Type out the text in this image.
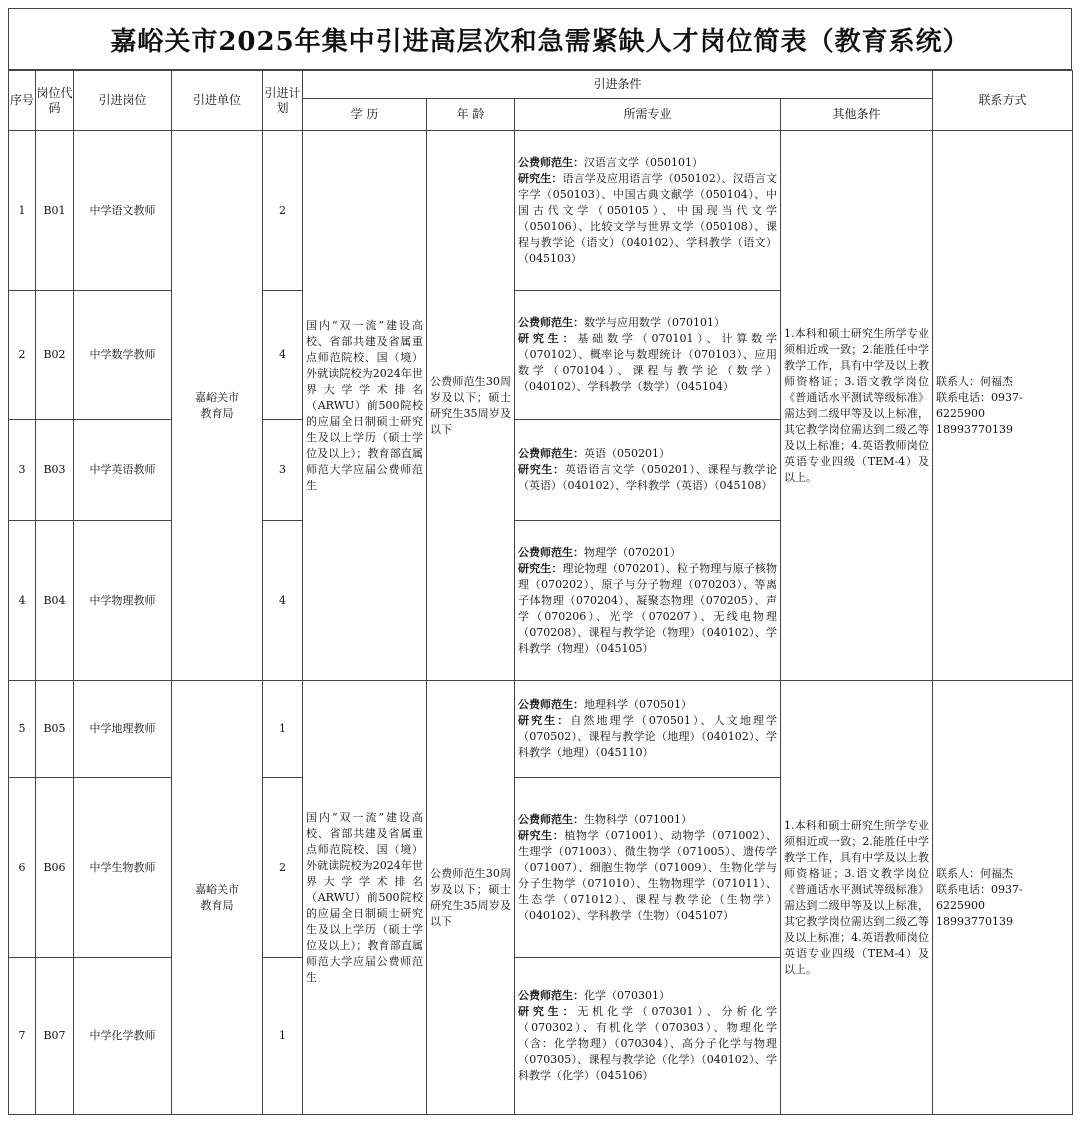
嘉峪关市2025年集中引进高层次和急需紧缺人才岗位简表（教育系统）
序号	岗位代码	引进岗位	引进单位	引进计划	引进条件				联系方式
					学 历	年 龄	所需专业	其他条件	
1	B01	中学语文教师	嘉峪关市
教育局	2	国内“双一流”建设高校、省部共建及省属重点师范院校、国（境）外就读院校为2024年世界大学学术排名（ARWU）前500院校的应届全日制硕士研究生及以上学历（硕士学位及以上）；教育部直属师范大学应届公费师范生	公费师范生30周岁及以下；硕士研究生35周岁及以下	公费师范生：汉语言文学（050101）
研究生：语言学及应用语言学（050102）、汉语言文字学（050103）、中国古典文献学（050104）、中国古代文学（050105）、中国现当代文学（050106）、比较文学与世界文学（050108）、课程与教学论（语文）（040102）、学科教学（语文）（045103）	1.本科和硕士研究生所学专业须相近或一致；2.能胜任中学教学工作，具有中学及以上教师资格证；3.语文教学岗位《普通话水平测试等级标准》需达到二级甲等及以上标准，其它教学岗位需达到二级乙等及以上标准；4.英语教师岗位英语专业四级（TEM-4）及以上。	联系人：何福杰
联系电话：0937-6225900
18993770139
2	B02	中学数学教师		4			公费师范生：数学与应用数学（070101）
研究生：基础数学（070101）、计算数学（070102）、概率论与数理统计（070103）、应用数学（070104）、课程与教学论（数学）（040102）、学科教学（数学）（045104）		
3	B03	中学英语教师		3			公费师范生：英语（050201）
研究生：英语语言文学（050201）、课程与教学论（英语）（040102）、学科教学（英语）（045108）		
4	B04	中学物理教师		4			公费师范生：物理学（070201）
研究生：理论物理（070201）、粒子物理与原子核物理（070202）、原子与分子物理（070203）、等离子体物理（070204）、凝聚态物理（070205）、声学（070206）、光学（070207）、无线电物理（070208）、课程与教学论（物理）（040102）、学科教学（物理）（045105）		
5	B05	中学地理教师	嘉峪关市
教育局	1	国内“双一流”建设高校、省部共建及省属重点师范院校、国（境）外就读院校为2024年世界大学学术排名（ARWU）前500院校的应届全日制硕士研究生及以上学历（硕士学位及以上）；教育部直属师范大学应届公费师范生	公费师范生30周岁及以下；硕士研究生35周岁及以下	公费师范生：地理科学（070501）
研究生：自然地理学（070501）、人文地理学（070502）、课程与教学论（地理）（040102）、学科教学（地理）（045110）	1.本科和硕士研究生所学专业须相近或一致；2.能胜任中学教学工作，具有中学及以上教师资格证；3.语文教学岗位《普通话水平测试等级标准》需达到二级甲等及以上标准，其它教学岗位需达到二级乙等及以上标准；4.英语教师岗位英语专业四级（TEM-4）及以上。	联系人：何福杰
联系电话：0937-6225900
18993770139
6	B06	中学生物教师		2			公费师范生：生物科学（071001）
研究生：植物学（071001）、动物学（071002）、生理学（071003）、微生物学（071005）、遗传学（071007）、细胞生物学（071009）、生物化学与分子生物学（071010）、生物物理学（071011）、生态学（071012）、课程与教学论（生物学）（040102）、学科教学（生物）（045107）		
7	B07	中学化学教师		1			公费师范生：化学（070301）
研究生：无机化学（070301）、分析化学（070302）、有机化学（070303）、物理化学（含：化学物理）（070304）、高分子化学与物理（070305）、课程与教学论（化学）（040102）、学科教学（化学）（045106）		
